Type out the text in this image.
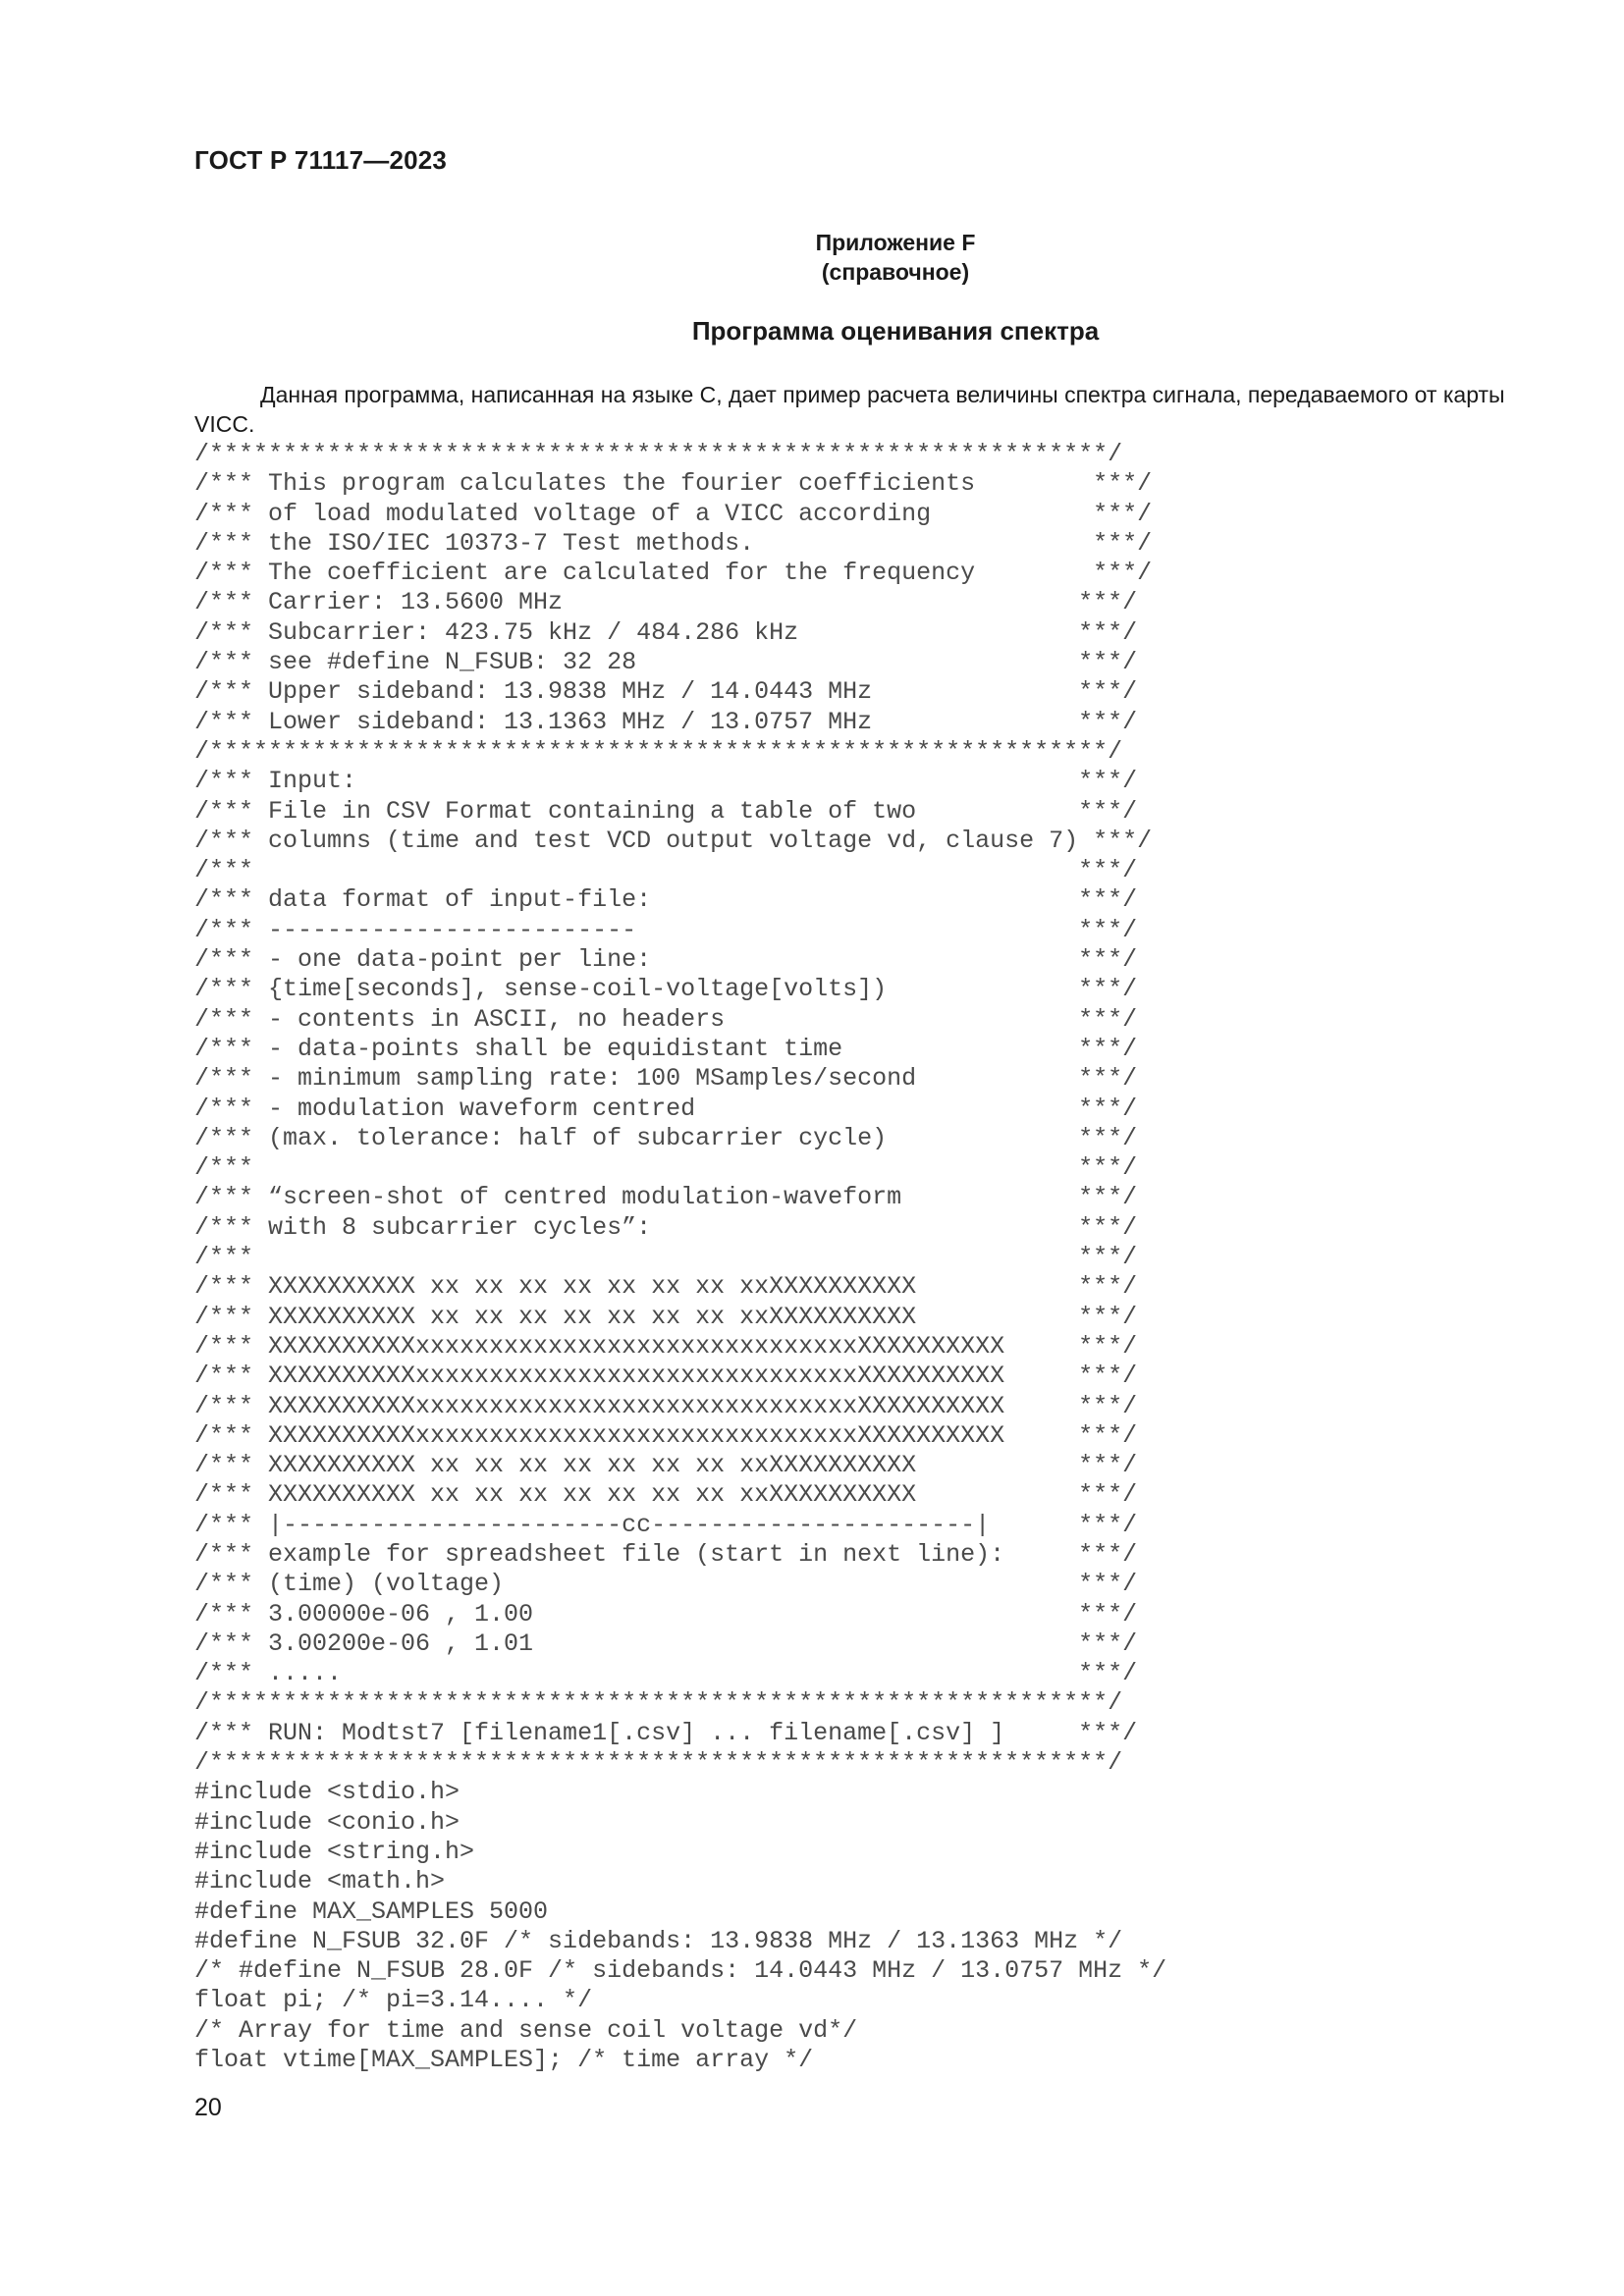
ГОСТ Р 71117—2023
Приложение F
(справочное)
Программа оценивания спектра
Данная программа, написанная на языке С, дает пример расчета величины спектра сигнала, передаваемого от карты VICC.
/*************************************************************/
/*** This program calculates the fourier coefficients        ***/
/*** of load modulated voltage of a VICC according           ***/
/*** the ISO/IEC 10373-7 Test methods.                       ***/
/*** The coefficient are calculated for the frequency        ***/
/*** Carrier: 13.5600 MHz                                   ***/
/*** Subcarrier: 423.75 kHz / 484.286 kHz                   ***/
/*** see #define N_FSUB: 32 28                              ***/
/*** Upper sideband: 13.9838 MHz / 14.0443 MHz              ***/
/*** Lower sideband: 13.1363 MHz / 13.0757 MHz              ***/
/*************************************************************/
/*** Input:                                                 ***/
/*** File in CSV Format containing a table of two           ***/
/*** columns (time and test VCD output voltage vd, clause 7) ***/
/***                                                        ***/
/*** data format of input-file:                             ***/
/*** -------------------------                              ***/
/*** - one data-point per line:                             ***/
/*** {time[seconds], sense-coil-voltage[volts])             ***/
/*** - contents in ASCII, no headers                        ***/
/*** - data-points shall be equidistant time                ***/
/*** - minimum sampling rate: 100 MSamples/second           ***/
/*** - modulation waveform centred                          ***/
/*** (max. tolerance: half of subcarrier cycle)             ***/
/***                                                        ***/
/*** “screen-shot of centred modulation-waveform            ***/
/*** with 8 subcarrier cycles”:                             ***/
/***                                                        ***/
/*** XXXXXXXXXX xx xx xx xx xx xx xx xxXXXXXXXXXX           ***/
/*** XXXXXXXXXX xx xx xx xx xx xx xx xxXXXXXXXXXX           ***/
/*** XXXXXXXXXXxxxxxxxxxxxxxxxxxxxxxxxxxxxxxxXXXXXXXXXX     ***/
/*** XXXXXXXXXXxxxxxxxxxxxxxxxxxxxxxxxxxxxxxxXXXXXXXXXX     ***/
/*** XXXXXXXXXXxxxxxxxxxxxxxxxxxxxxxxxxxxxxxxXXXXXXXXXX     ***/
/*** XXXXXXXXXXxxxxxxxxxxxxxxxxxxxxxxxxxxxxxxXXXXXXXXXX     ***/
/*** XXXXXXXXXX xx xx xx xx xx xx xx xxXXXXXXXXXX           ***/
/*** XXXXXXXXXX xx xx xx xx xx xx xx xxXXXXXXXXXX           ***/
/*** |-----------------------cc----------------------|      ***/
/*** example for spreadsheet file (start in next line):     ***/
/*** (time) (voltage)                                       ***/
/*** 3.00000e-06 , 1.00                                     ***/
/*** 3.00200e-06 , 1.01                                     ***/
/*** .....                                                  ***/
/*************************************************************/
/*** RUN: Modtst7 [filename1[.csv] ... filename[.csv] ]     ***/
/*************************************************************/
#include <stdio.h>
#include <conio.h>
#include <string.h>
#include <math.h>
#define MAX_SAMPLES 5000
#define N_FSUB 32.0F /* sidebands: 13.9838 MHz / 13.1363 MHz */
/* #define N_FSUB 28.0F /* sidebands: 14.0443 MHz / 13.0757 MHz */
float pi; /* pi=3.14.... */
/* Array for time and sense coil voltage vd*/
float vtime[MAX_SAMPLES]; /* time array */
20
